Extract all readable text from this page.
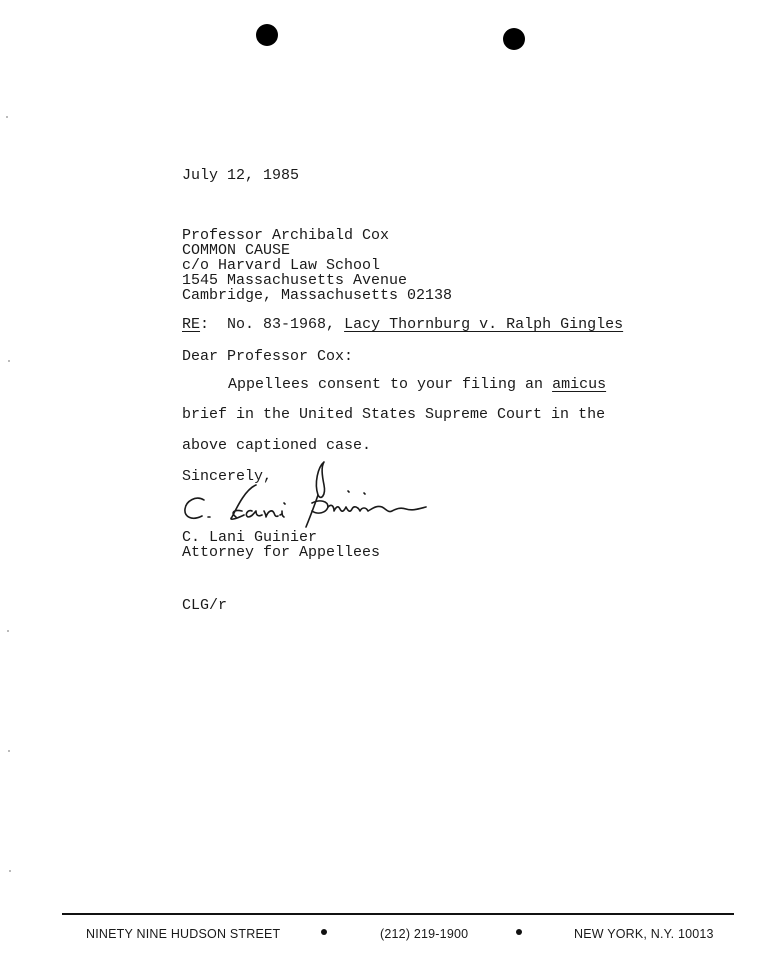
July 12, 1985
Professor Archibald Cox
COMMON CAUSE
c/o Harvard Law School
1545 Massachusetts Avenue
Cambridge, Massachusetts 02138
RE:  No. 83-1968, Lacy Thornburg v. Ralph Gingles
Dear Professor Cox:
Appellees consent to your filing an amicus
brief in the United States Supreme Court in the
above captioned case.
Sincerely,
C. Lani Guinier
Attorney for Appellees
CLG/r
NINETY NINE HUDSON STREET	(212) 219-1900	NEW YORK, N.Y. 10013
